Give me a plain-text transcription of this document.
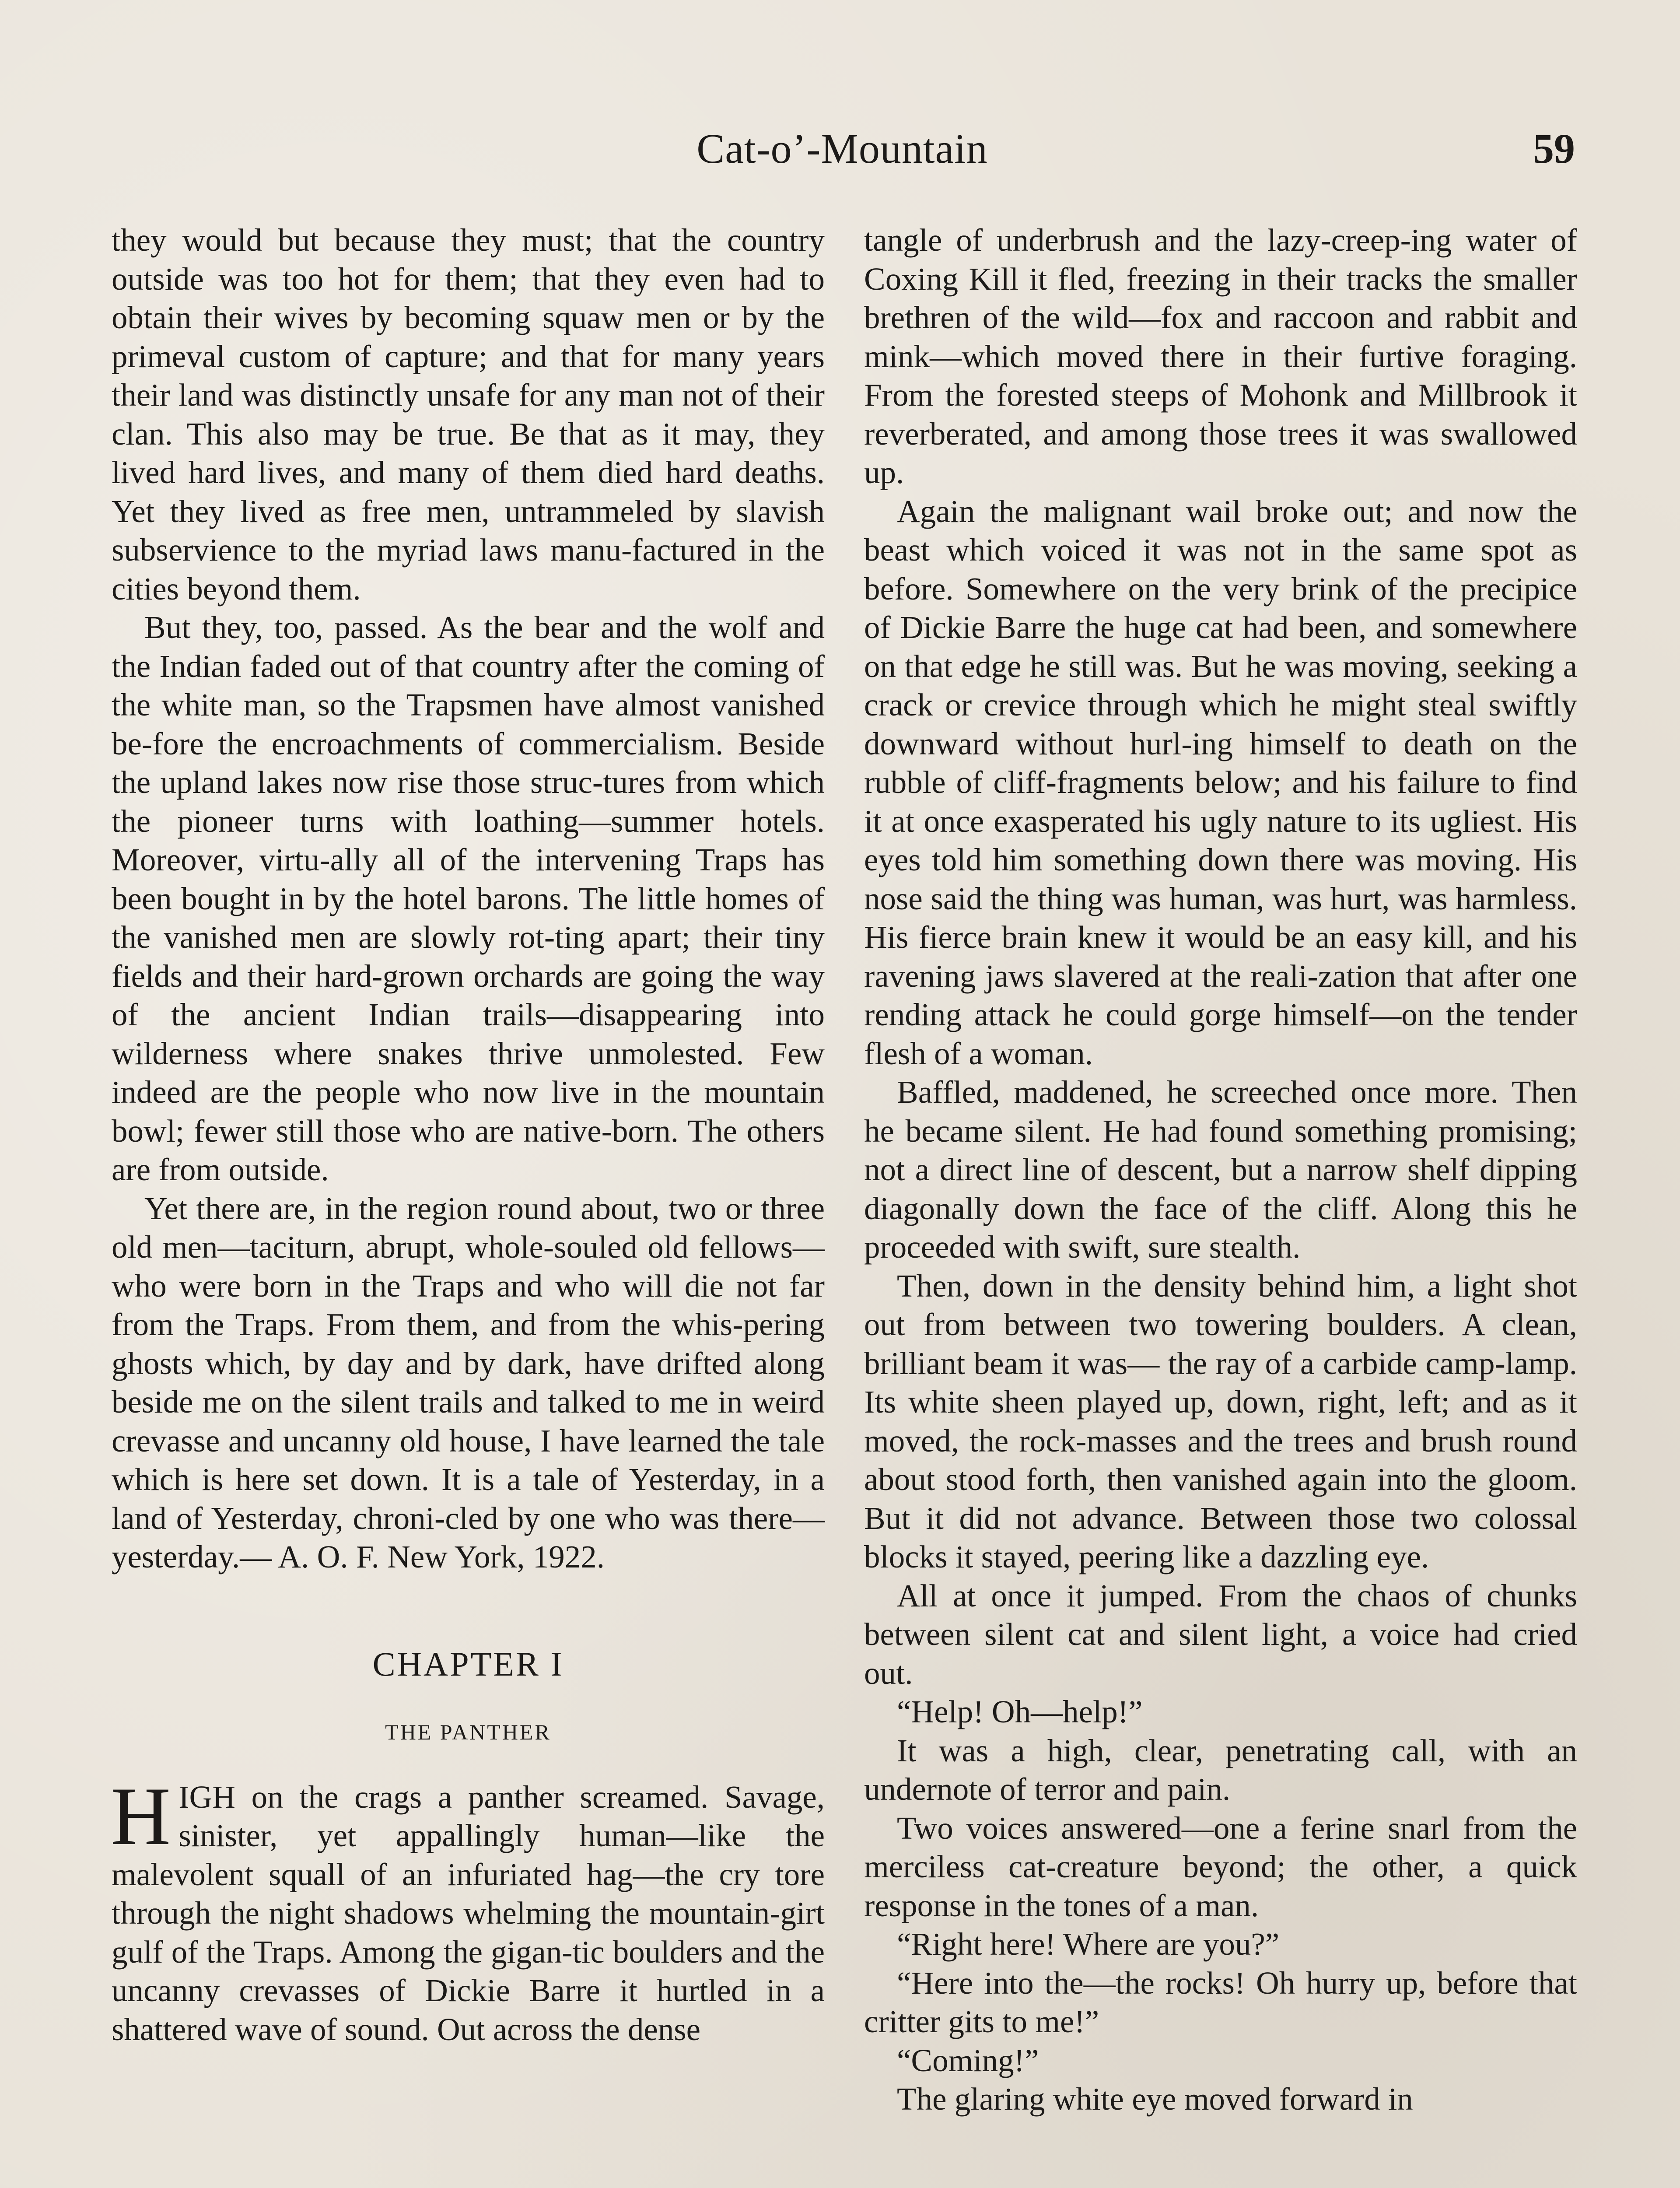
Cat-o’-Mountain	59

they would but because they must; that the country outside was too hot for them; that they even had to obtain their wives by becoming squaw men or by the primeval custom of capture; and that for many years their land was distinctly unsafe for any man not of their clan. This also may be true. Be that as it may, they lived hard lives, and many of them died hard deaths. Yet they lived as free men, untrammeled by slavish subservience to the myriad laws manu-factured in the cities beyond them.

But they, too, passed. As the bear and the wolf and the Indian faded out of that country after the coming of the white man, so the Trapsmen have almost vanished be-fore the encroachments of commercialism. Beside the upland lakes now rise those struc-tures from which the pioneer turns with loathing—summer hotels. Moreover, virtu-ally all of the intervening Traps has been bought in by the hotel barons. The little homes of the vanished men are slowly rot-ting apart; their tiny fields and their hard-grown orchards are going the way of the ancient Indian trails—disappearing into wilderness where snakes thrive unmolested. Few indeed are the people who now live in the mountain bowl; fewer still those who are native-born. The others are from outside.

Yet there are, in the region round about, two or three old men—taciturn, abrupt, whole-souled old fellows—who were born in the Traps and who will die not far from the Traps. From them, and from the whis-pering ghosts which, by day and by dark, have drifted along beside me on the silent trails and talked to me in weird crevasse and uncanny old house, I have learned the tale which is here set down. It is a tale of Yesterday, in a land of Yesterday, chroni-cled by one who was there—yesterday.— A. O. F. New York, 1922.

CHAPTER I
THE PANTHER

HIGH on the crags a panther screamed. Savage, sinister, yet appallingly human—like the malevolent squall of an infuriated hag—the cry tore through the night shadows whelming the mountain-girt gulf of the Traps. Among the gigan-tic boulders and the uncanny crevasses of Dickie Barre it hurtled in a shattered wave of sound. Out across the dense

tangle of underbrush and the lazy-creep-ing water of Coxing Kill it fled, freezing in their tracks the smaller brethren of the wild—fox and raccoon and rabbit and mink—which moved there in their furtive foraging. From the forested steeps of Mohonk and Millbrook it reverberated, and among those trees it was swallowed up.

Again the malignant wail broke out; and now the beast which voiced it was not in the same spot as before. Somewhere on the very brink of the precipice of Dickie Barre the huge cat had been, and somewhere on that edge he still was. But he was moving, seeking a crack or crevice through which he might steal swiftly downward without hurl-ing himself to death on the rubble of cliff-fragments below; and his failure to find it at once exasperated his ugly nature to its ugliest. His eyes told him something down there was moving. His nose said the thing was human, was hurt, was harmless. His fierce brain knew it would be an easy kill, and his ravening jaws slavered at the reali-zation that after one rending attack he could gorge himself—on the tender flesh of a woman.

Baffled, maddened, he screeched once more. Then he became silent. He had found something promising; not a direct line of descent, but a narrow shelf dipping diagonally down the face of the cliff. Along this he proceeded with swift, sure stealth.

Then, down in the density behind him, a light shot out from between two towering boulders. A clean, brilliant beam it was— the ray of a carbide camp-lamp. Its white sheen played up, down, right, left; and as it moved, the rock-masses and the trees and brush round about stood forth, then vanished again into the gloom. But it did not advance. Between those two colossal blocks it stayed, peering like a dazzling eye.

All at once it jumped. From the chaos of chunks between silent cat and silent light, a voice had cried out.

“Help! Oh—help!”

It was a high, clear, penetrating call, with an undernote of terror and pain.

Two voices answered—one a ferine snarl from the merciless cat-creature beyond; the other, a quick response in the tones of a man.

“Right here! Where are you?”

“Here into the—the rocks! Oh hurry up, before that critter gits to me!”

“Coming!”

The glaring white eye moved forward in
